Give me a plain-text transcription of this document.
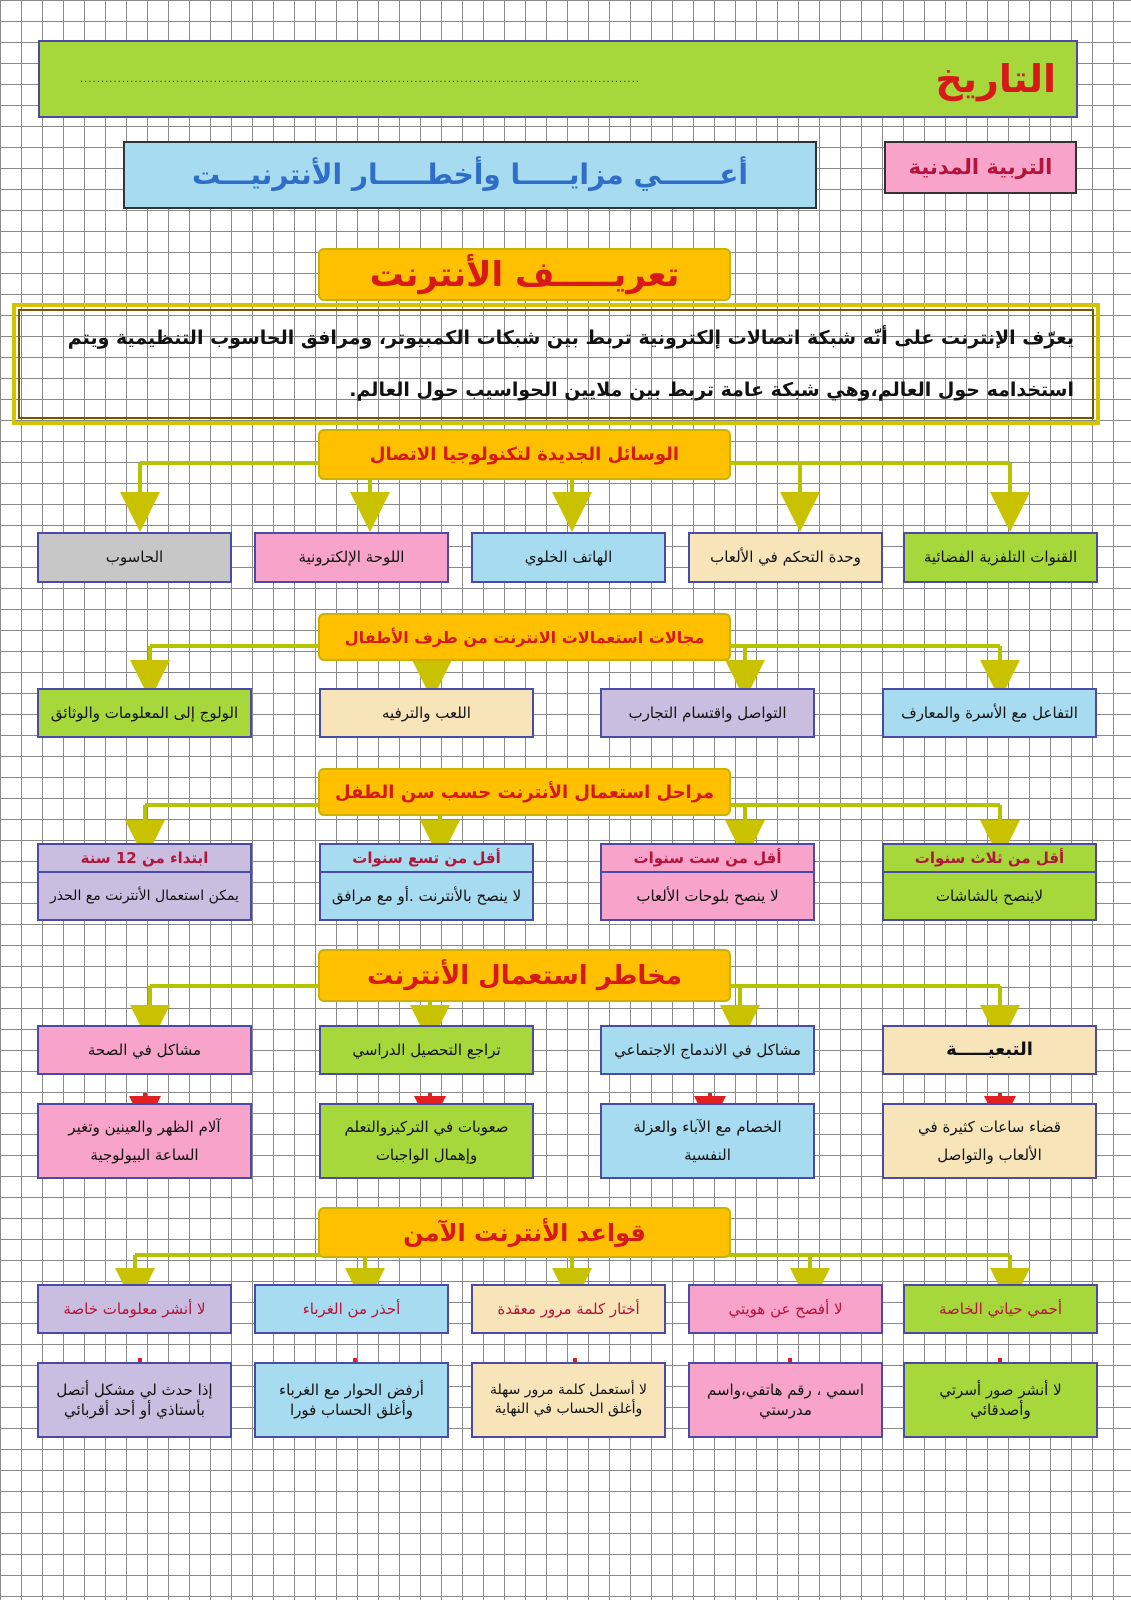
التاريخ
......................................................................................................................................
أعــــــي مزايـــــا وأخطـــــار الأنترنيـــت	التربية المدنية
تعريـــــف الأنترنت
يعرّف الإنترنت على أنّه شبكة اتصالات إلكترونية تربط بين شبكات الكمبيوتر، ومرافق الحاسوب التنظيمية ويتم
استخدامه حول العالم،وهي شبكة عامة تربط بين ملايين الحواسيب حول العالم.
الوسائل الجديدة لتكنولوجيا الاتصال
القنوات التلفزية الفضائية
وحدة التحكم في الألعاب
الهاتف الخلوي
اللوحة الإلكترونية
الحاسوب
مجالات استعمالات الانترنت من طرف الأطفال
التفاعل مع الأسرة والمعارف
التواصل واقتسام التجارب
اللعب والترفيه
الولوج إلى المعلومات والوثائق
مراحل استعمال الأنترنت حسب سن الطفل
أقل من ثلاث سنوات
لاينصح بالشاشات
أقل من ست سنوات
لا ينصح بلوحات الألعاب
أقل من تسع سنوات
لا ينصح بالأنترنت .أو مع مرافق
ابتداء من 12 سنة
يمكن استعمال الأنترنت مع الحذر
مخاطر استعمال الأنترنت
التبعيـــــة
مشاكل في الاندماج الاجتماعي
تراجع التحصيل الدراسي
مشاكل في الصحة
قضاء ساعات كثيرة في الألعاب والتواصل
الخصام مع الآباء والعزلة النفسية
صعوبات في التركيزوالتعلم وإهمال الواجبات
آلام الظهر والعينين وتغير الساعة البيولوجية
قواعد الأنترنت الآمن
أحمي حياتي الخاصة
لا أفصح عن هويتي
أختار كلمة مرور معقدة
أحذر من الغرباء
لا أنشر معلومات خاصة
لا أنشر صور أسرتي وأصدقائي
اسمي ، رقم هاتفي،واسم مدرستي
لا أستعمل كلمة مرور سهلة وأغلق الحساب في النهاية
أرفض الحوار مع الغرباء وأغلق الحساب فورا
إذا حدث لي مشكل أتصل بأستاذي أو أحد أقربائي
